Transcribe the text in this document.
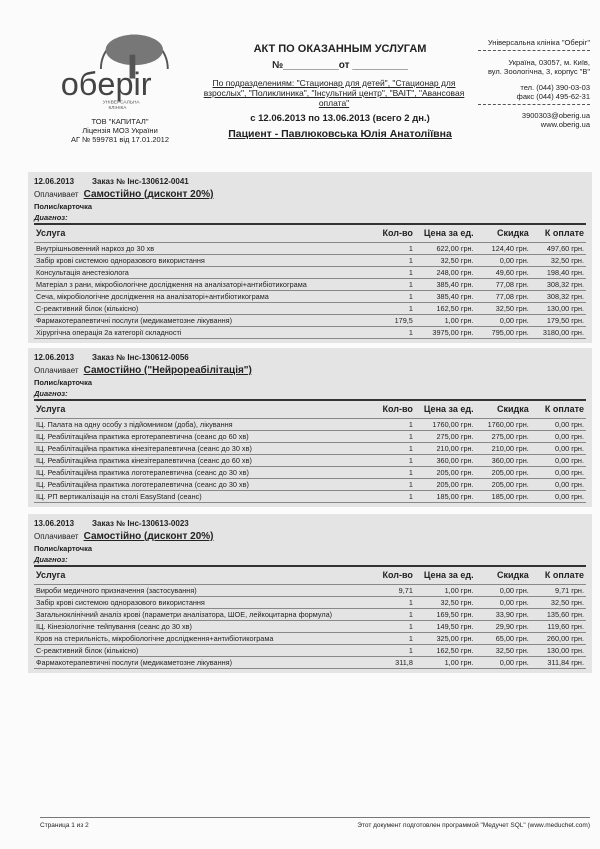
oбepir
УНІВЕРСАЛЬНА
КЛІНІКА
ТОВ "КАПИТАЛ"
Ліцензія МОЗ України
АГ № 599781 від 17.01.2012
АКТ ПО ОКАЗАННЫМ УСЛУГАМ
№__________от __________
По подразделениям: "Стационар для детей", "Стационар для взрослых", "Поликлиника", "Інсультний центр", "ВАІТ", "Авансовая оплата"
с 12.06.2013 по 13.06.2013 (всего 2 дн.)
Пациент - Павлюковська Юлія Анатоліївна
Універсальна клініка "Оберіг"
Україна, 03057, м. Київ,
вул. Зоологічна, 3, корпус "В"
тел. (044) 390-03-03
факс (044) 495-62-31
3900303@oberig.ua
www.oberig.ua
12.06.2013 Заказ № Інс-130612-0041
Оплачивает Самостійно (дисконт 20%)
Полис/карточка
Диагноз:
Услуга	Кол-во	Цена за ед.	Скидка	К оплате
Внутрішньовенний наркоз до 30 хв	1	622,00 грн.	124,40 грн.	497,60 грн.
Забір крові системою одноразового використання	1	32,50 грн.	0,00 грн.	32,50 грн.
Консультація анестезіолога	1	248,00 грн.	49,60 грн.	198,40 грн.
Матеріал з рани, мікробіологічне дослідження на аналізаторі+антибіотикограма	1	385,40 грн.	77,08 грн.	308,32 грн.
Сеча, мікробіологічне дослідження на аналізаторі+антибіотикограма	1	385,40 грн.	77,08 грн.	308,32 грн.
С-реактивний білок (кількісно)	1	162,50 грн.	32,50 грн.	130,00 грн.
Фармакотерапевтичні послуги (медикаметозне лікування)	179,5	1,00 грн.	0,00 грн.	179,50 грн.
Хірургічна операція 2а категорії складності	1	3975,00 грн.	795,00 грн.	3180,00 грн.
12.06.2013 Заказ № Інс-130612-0056
Оплачивает Самостійно ("Нейрореабілітація")
Полис/карточка
Диагноз:
Услуга	Кол-во	Цена за ед.	Скидка	К оплате
ІЦ. Палата на одну особу з підйомником (доба), лікування	1	1760,00 грн.	1760,00 грн.	0,00 грн.
ІЦ. Реабілітаційна практика ерготерапевтична (сеанс до 60 хв)	1	275,00 грн.	275,00 грн.	0,00 грн.
ІЦ. Реабілітаційна практика кінезітерапевтична (сеанс до 30 хв)	1	210,00 грн.	210,00 грн.	0,00 грн.
ІЦ. Реабілітаційна практика кінезітерапевтична (сеанс до 60 хв)	1	360,00 грн.	360,00 грн.	0,00 грн.
ІЦ. Реабілітаційна практика логотерапевтична (сеанс до 30 хв)	1	205,00 грн.	205,00 грн.	0,00 грн.
ІЦ. Реабілітаційна практика логотерапевтична (сеанс до 30 хв)	1	205,00 грн.	205,00 грн.	0,00 грн.
ІЦ. РП вертикалізація на столі EasyStand (сеанс)	1	185,00 грн.	185,00 грн.	0,00 грн.
13.06.2013 Заказ № Інс-130613-0023
Оплачивает Самостійно (дисконт 20%)
Полис/карточка
Диагноз:
Услуга	Кол-во	Цена за ед.	Скидка	К оплате
Вироби медичного призначення (застосування)	9,71	1,00 грн.	0,00 грн.	9,71 грн.
Забір крові системою одноразового використання	1	32,50 грн.	0,00 грн.	32,50 грн.
Загальноклінічний аналіз крові (параметри аналізатора, ШОЕ, лейкоцитарна формула)	1	169,50 грн.	33,90 грн.	135,60 грн.
ІЦ. Кінезіологічне тейпування (сеанс до 30 хв)	1	149,50 грн.	29,90 грн.	119,60 грн.
Кров на стерильність, мікробіологічне дослідження+антибіотикограма	1	325,00 грн.	65,00 грн.	260,00 грн.
С-реактивний білок (кількісно)	1	162,50 грн.	32,50 грн.	130,00 грн.
Фармакотерапевтичні послуги (медикаметозне лікування)	311,8	1,00 грн.	0,00 грн.	311,84 грн.
Страница 1 из 2	Этот документ подготовлен программой "Медучет SQL" (www.meduchet.com)
